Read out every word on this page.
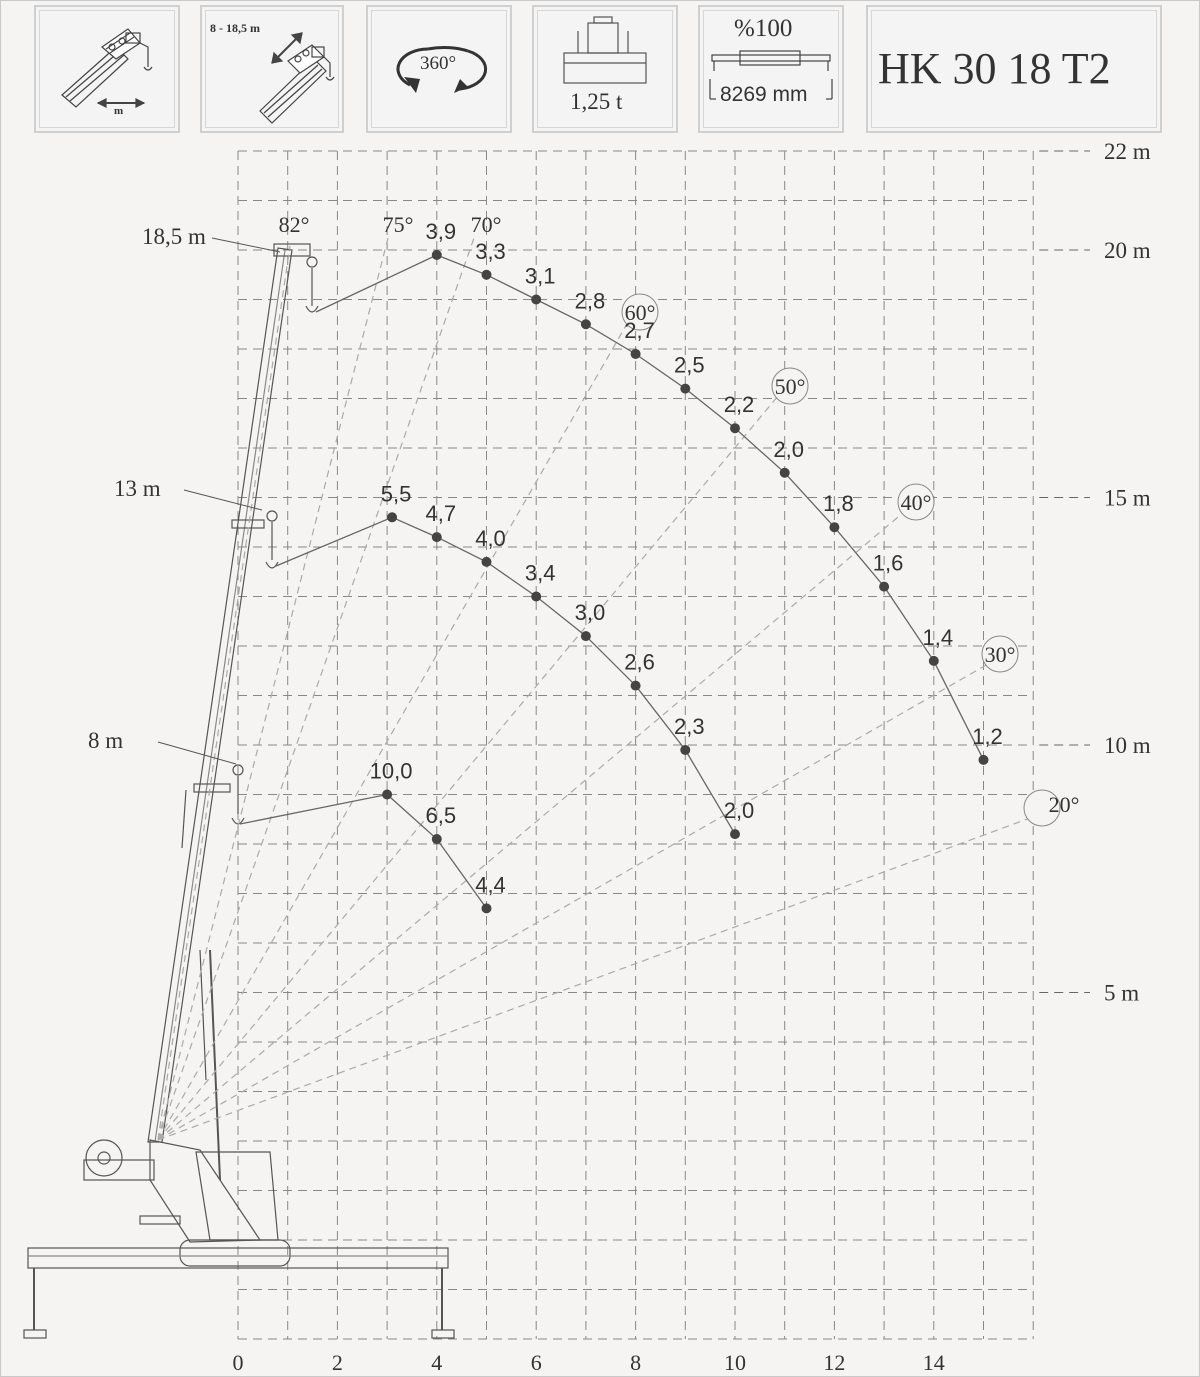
m
8 - 18,5 m
360°
1,25 t
%100
8269 mm
HK 30 18 T2
82°	75°	70°
60°
50°
40°
30°
20°
3,9
3,3
3,1
2,8
2,7
2,5
2,2
2,0
1,8
1,6
1,4
1,2
5,5
4,7
4,0
3,4
3,0
2,6
2,3
2,0
10,0
6,5
4,4
0	2	4	6	8	10	12	14
22 m
20 m
15 m
10 m
5 m
18,5 m
13 m
8 m
